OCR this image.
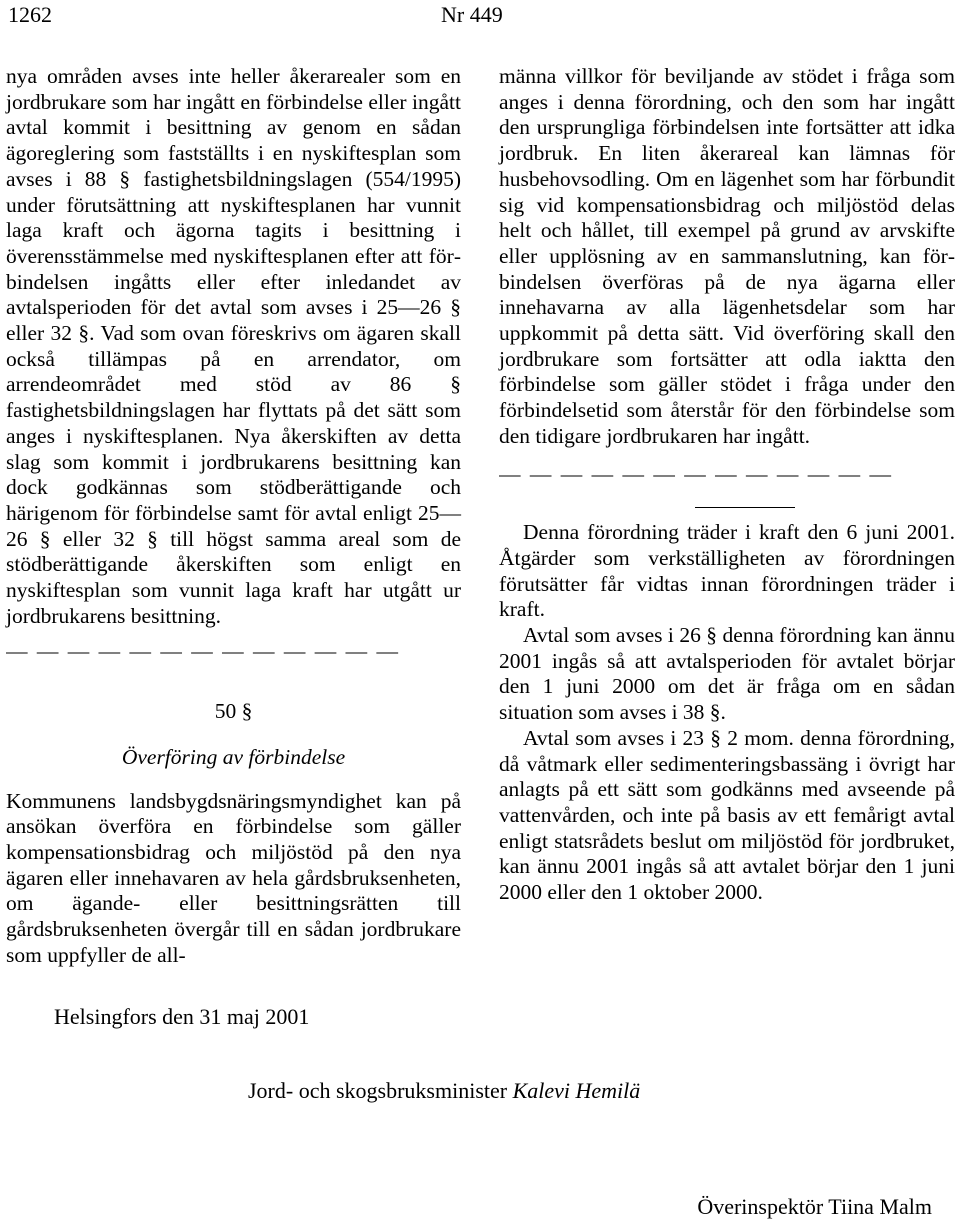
1262	Nr 449

nya områden avses inte heller åkerarealer som en jordbrukare som har ingått en förbindelse eller ingått avtal kommit i besittning av genom en sådan ägoreglering som fastställts i en nyskiftesplan som avses i 88 § fastighetsbildningslagen (554/1995) under förutsättning att nyskiftesplanen har vunnit laga kraft och ägorna tagits i besittning i överensstämmelse med nyskiftesplanen efter att förbindelsen ingåtts eller efter inledandet av avtalsperioden för det avtal som avses i 25—26 § eller 32 §. Vad som ovan föreskrivs om ägaren skall också tillämpas på en arrendator, om arrendeområdet med stöd av 86 § fastighetsbildningslagen har flyttats på det sätt som anges i nyskiftesplanen. Nya åkerskiften av detta slag som kommit i jordbrukarens besittning kan dock godkännas som stödberättigande och härigenom för förbindelse samt för avtal enligt 25—26 § eller 32 § till högst samma areal som de stödberättigande åkerskiften som enligt en nyskiftesplan som vunnit laga kraft har utgått ur jordbrukarens besittning.

— — — — — — — — — — — — —
50 §
Överföring av förbindelse

Kommunens landsbygdsnäringsmyndighet kan på ansökan överföra en förbindelse som gäller kompensationsbidrag och miljöstöd på den nya ägaren eller innehavaren av hela gårdsbruksenheten, om ägande- eller besittningsrätten till gårdsbruksenheten övergår till en sådan jordbrukare som uppfyller de all-

männa villkor för beviljande av stödet i fråga som anges i denna förordning, och den som har ingått den ursprungliga förbindelsen inte fortsätter att idka jordbruk. En liten åkerareal kan lämnas för husbehovsodling. Om en lägenhet som har förbundit sig vid kompensationsbidrag och miljöstöd delas helt och hållet, till exempel på grund av arvskifte eller upplösning av en sammanslutning, kan förbindelsen överföras på de nya ägarna eller innehavarna av alla lägenhetsdelar som har uppkommit på detta sätt. Vid överföring skall den jordbrukare som fortsätter att odla iaktta den förbindelse som gäller stödet i fråga under den förbindelsetid som återstår för den förbindelse som den tidigare jordbrukaren har ingått.

— — — — — — — — — — — — —

Denna förordning träder i kraft den 6 juni 2001. Åtgärder som verkställigheten av förordningen förutsätter får vidtas innan förordningen träder i kraft.

Avtal som avses i 26 § denna förordning kan ännu 2001 ingås så att avtalsperioden för avtalet börjar den 1 juni 2000 om det är fråga om en sådan situation som avses i 38 §.

Avtal som avses i 23 § 2 mom. denna förordning, då våtmark eller sedimenteringsbassäng i övrigt har anlagts på ett sätt som godkänns med avseende på vattenvården, och inte på basis av ett femårigt avtal enligt statsrådets beslut om miljöstöd för jordbruket, kan ännu 2001 ingås så att avtalet börjar den 1 juni 2000 eller den 1 oktober 2000.

Helsingfors den 31 maj 2001
Jord- och skogsbruksminister Kalevi Hemilä
Överinspektör Tiina Malm
